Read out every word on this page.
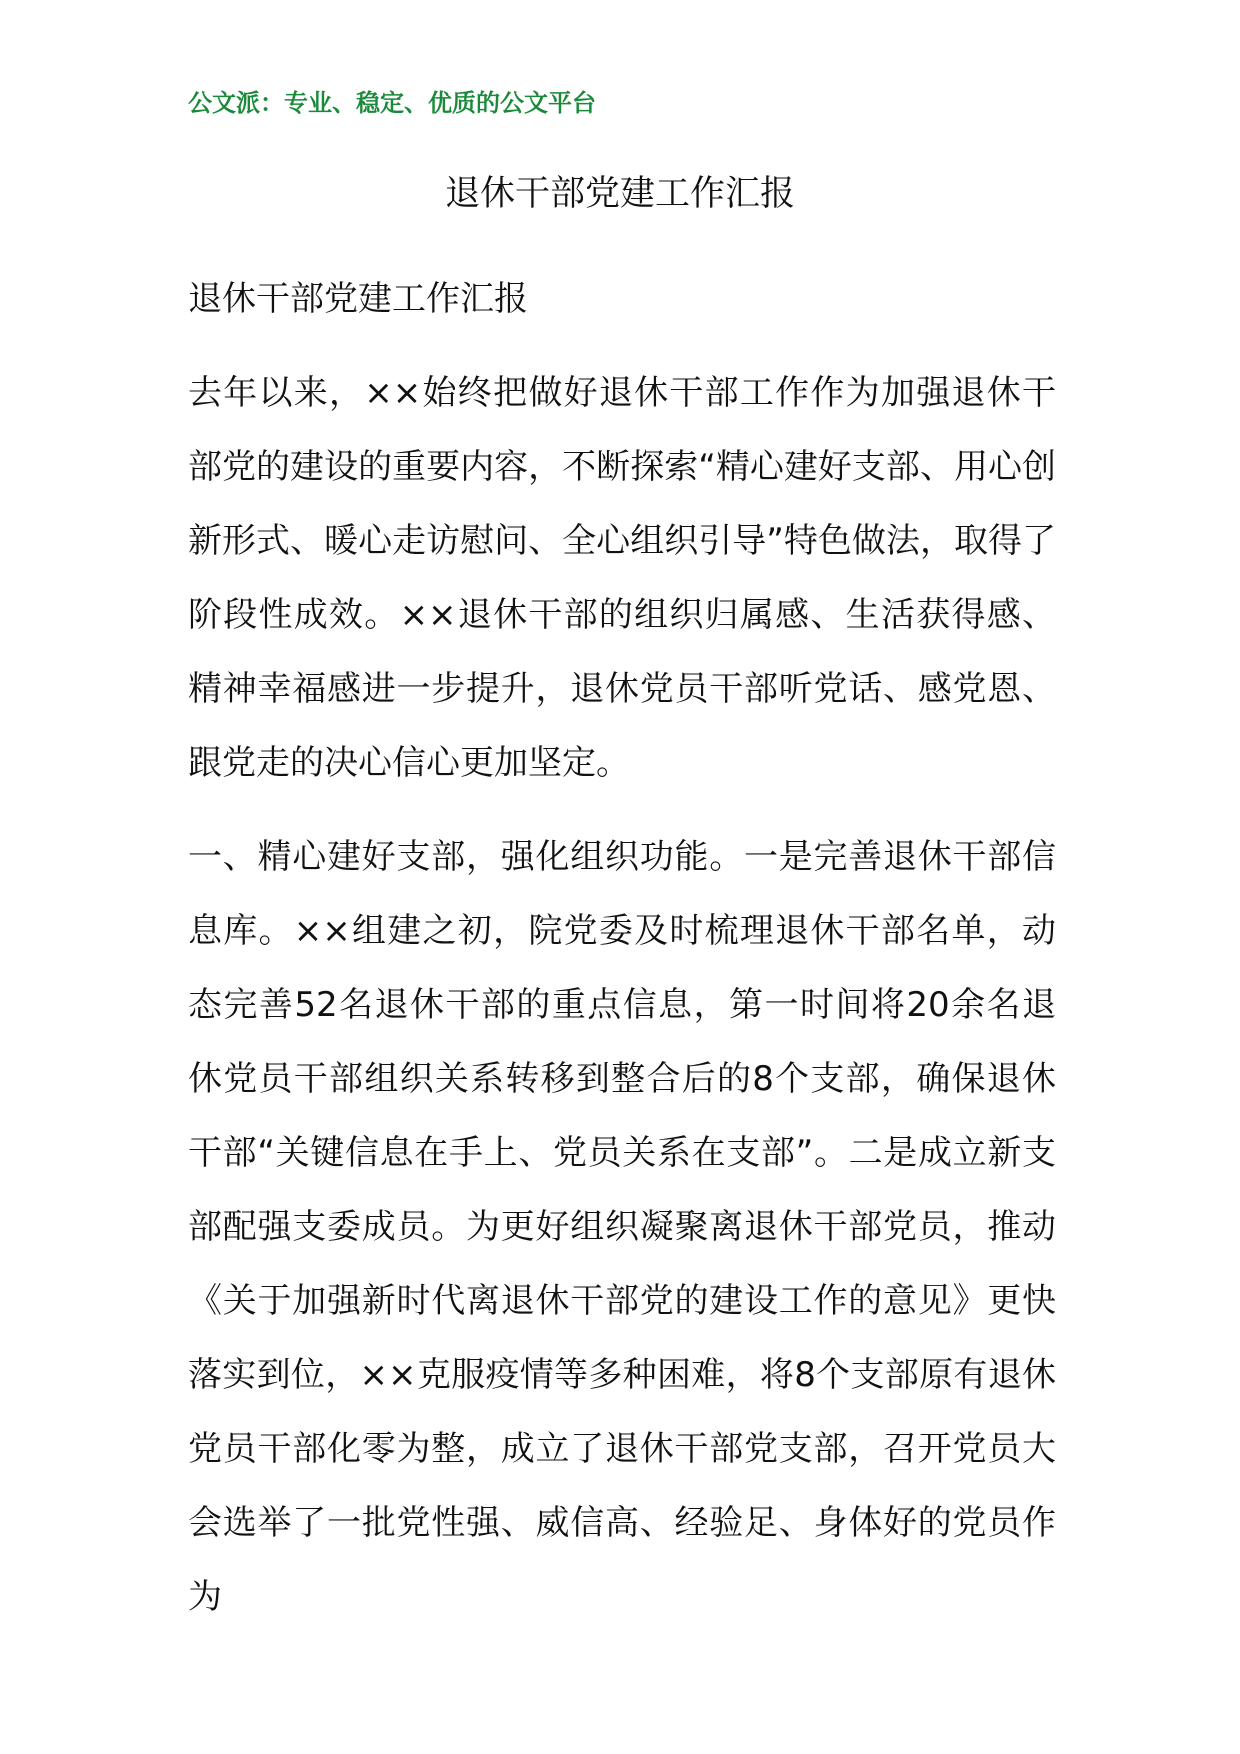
公文派：专业、稳定、优质的公文平台
退休干部党建工作汇报

退休干部党建工作汇报

去年以来，××始终把做好退休干部工作作为加强退休干部党的建设的重要内容，不断探索“精心建好支部、用心创新形式、暖心走访慰问、全心组织引导”特色做法，取得了阶段性成效。××退休干部的组织归属感、生活获得感、精神幸福感进一步提升，退休党员干部听党话、感党恩、跟党走的决心信心更加坚定。

一、精心建好支部，强化组织功能。一是完善退休干部信息库。××组建之初，院党委及时梳理退休干部名单，动态完善52名退休干部的重点信息，第一时间将20余名退休党员干部组织关系转移到整合后的8个支部，确保退休干部“关键信息在手上、党员关系在支部”。二是成立新支部配强支委成员。为更好组织凝聚离退休干部党员，推动《关于加强新时代离退休干部党的建设工作的意见》更快落实到位，××克服疫情等多种困难，将8个支部原有退休党员干部化零为整，成立了退休干部党支部，召开党员大会选举了一批党性强、威信高、经验足、身体好的党员作为
